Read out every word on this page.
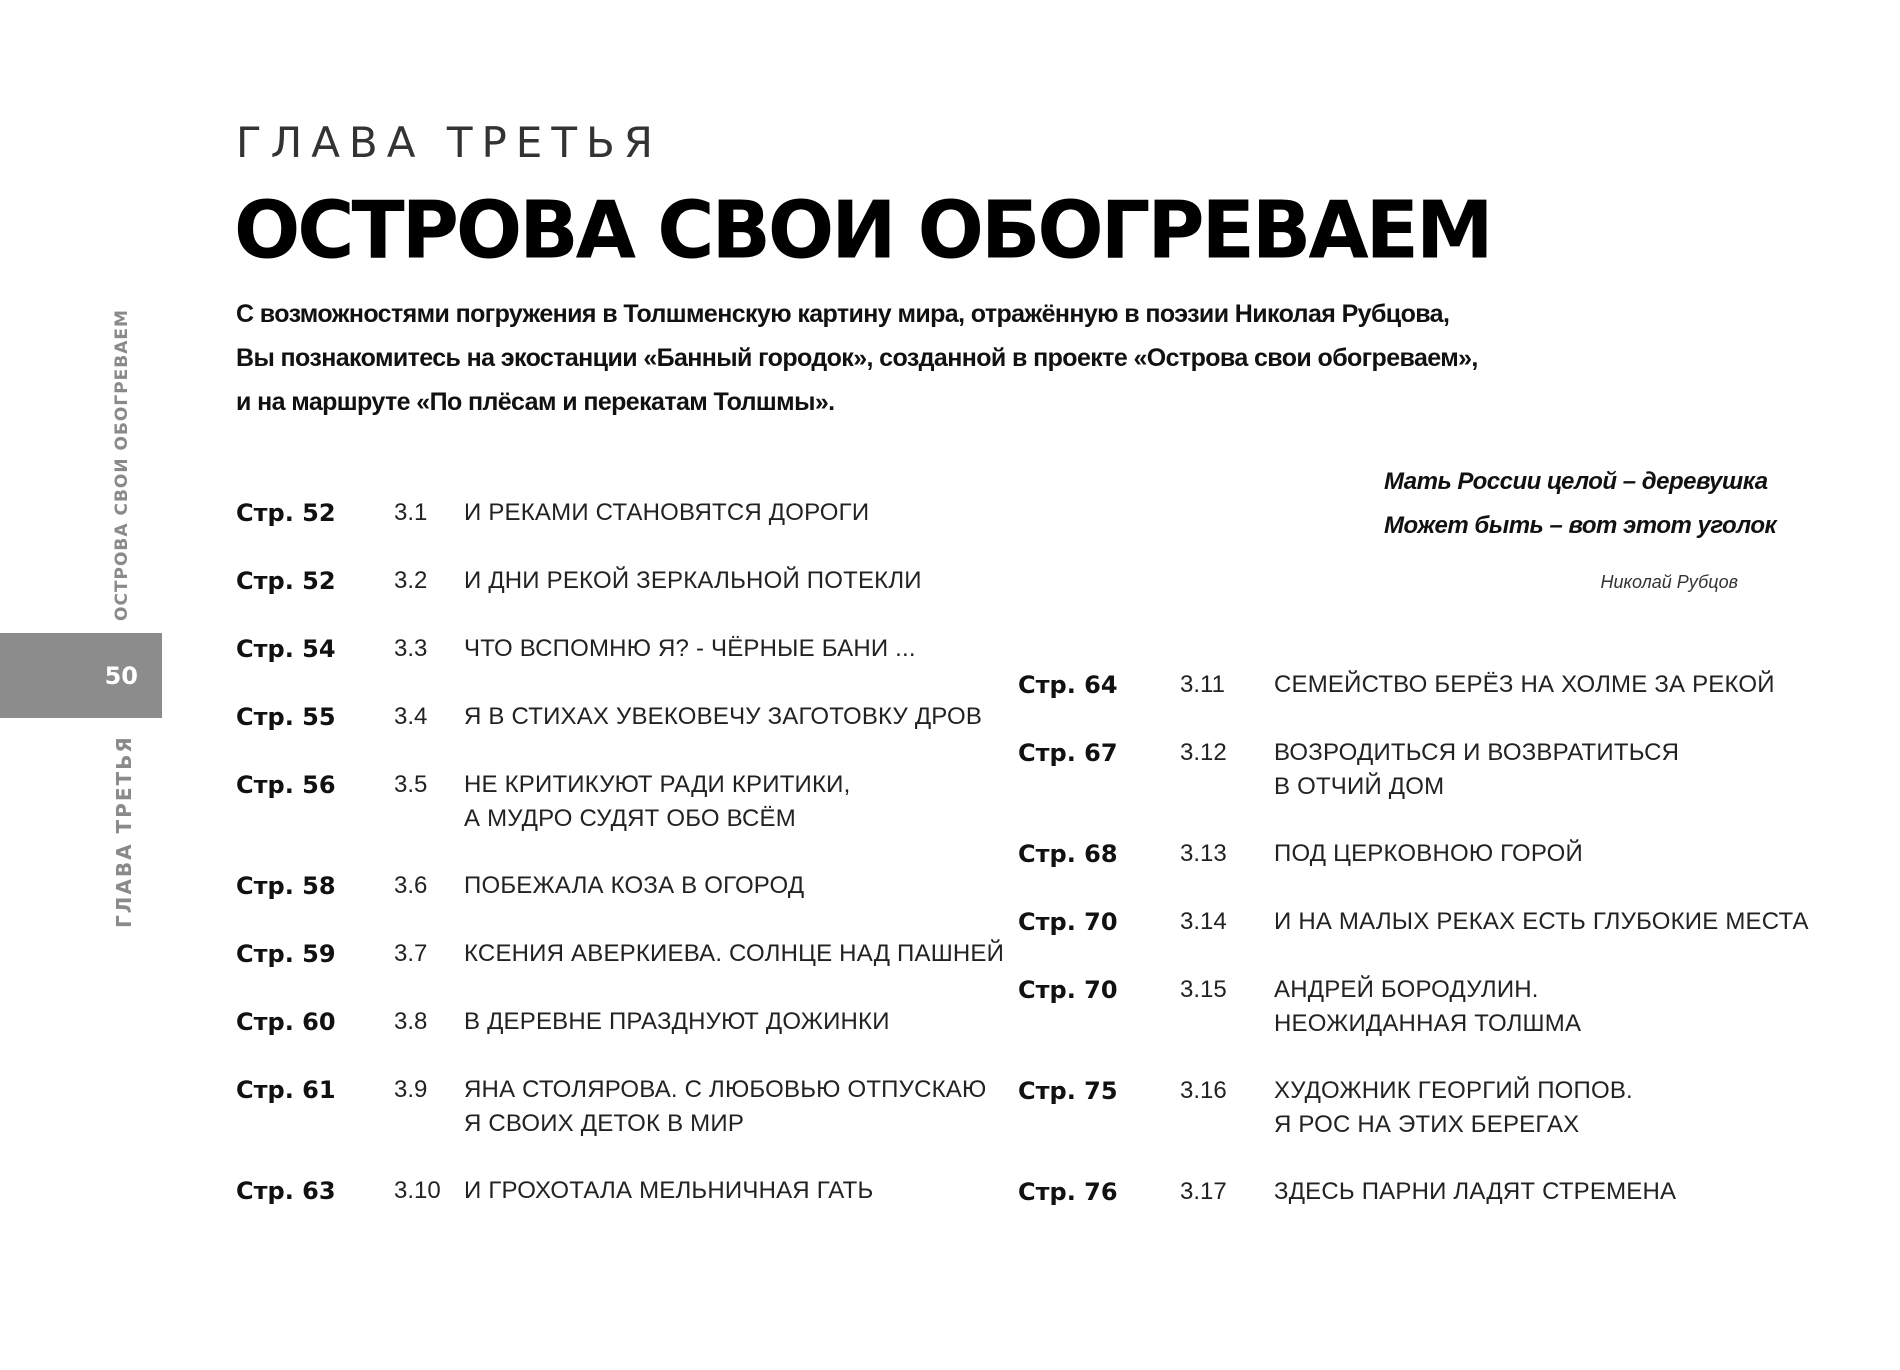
ОСТРОВА СВОИ ОБОГРЕВАЕМ
50
ГЛАВА ТРЕТЬЯ
ГЛАВА ТРЕТЬЯ
ОСТРОВА СВОИ ОБОГРЕВАЕМ
С возможностями погружения в Толшменскую картину мира, отражённую в поэзии Николая Рубцова,
Вы познакомитесь на экостанции «Банный городок», созданной в проекте «Острова свои обогреваем»,
и на маршруте «По плёсам и перекатам Толшмы».
Мать России целой – деревушка
Может быть – вот этот уголок
Николай Рубцов
Стр. 52 3.1 И РЕКАМИ СТАНОВЯТСЯ ДОРОГИ
Стр. 52 3.2 И ДНИ РЕКОЙ ЗЕРКАЛЬНОЙ ПОТЕКЛИ
Стр. 54 3.3 ЧТО ВСПОМНЮ Я? - ЧЁРНЫЕ БАНИ ...
Стр. 55 3.4 Я В СТИХАХ УВЕКОВЕЧУ ЗАГОТОВКУ ДРОВ
Стр. 56 3.5 НЕ КРИТИКУЮТ РАДИ КРИТИКИ,
А МУДРО СУДЯТ ОБО ВСЁМ
Стр. 58 3.6 ПОБЕЖАЛА КОЗА В ОГОРОД
Стр. 59 3.7 КСЕНИЯ АВЕРКИЕВА. СОЛНЦЕ НАД ПАШНЕЙ
Стр. 60 3.8 В ДЕРЕВНЕ ПРАЗДНУЮТ ДОЖИНКИ
Стр. 61 3.9 ЯНА СТОЛЯРОВА. С ЛЮБОВЬЮ ОТПУСКАЮ
Я СВОИХ ДЕТОК В МИР
Стр. 63 3.10 И ГРОХОТАЛА МЕЛЬНИЧНАЯ ГАТЬ
Стр. 64	3.11 СЕМЕЙСТВО БЕРЁЗ НА ХОЛМЕ ЗА РЕКОЙ
Стр. 67	3.12 ВОЗРОДИТЬСЯ И ВОЗВРАТИТЬСЯ
В ОТЧИЙ ДОМ
Стр. 68	3.13 ПОД ЦЕРКОВНОЮ ГОРОЙ
Стр. 70	3.14 И НА МАЛЫХ РЕКАХ ЕСТЬ ГЛУБОКИЕ МЕСТА
Стр. 70	3.15 АНДРЕЙ БОРОДУЛИН.
НЕОЖИДАННАЯ ТОЛШМА
Стр. 75	3.16 ХУДОЖНИК ГЕОРГИЙ ПОПОВ.
Я РОС НА ЭТИХ БЕРЕГАХ
Стр. 76	3.17 ЗДЕСЬ ПАРНИ ЛАДЯТ СТРЕМЕНА
